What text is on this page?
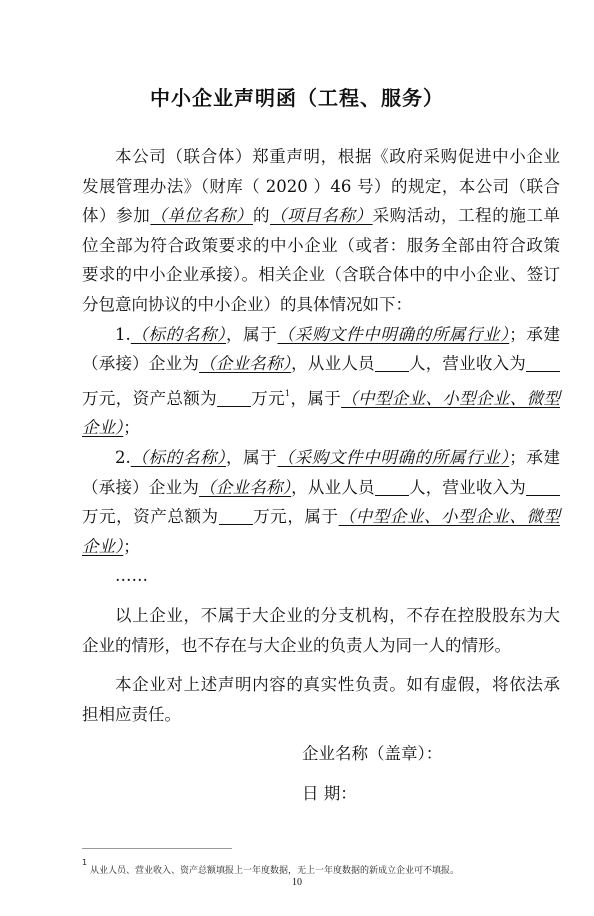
中小企业声明函（工程、服务）

本公司（联合体）郑重声明，根据《政府采购促进中小企业发展管理办法》（财库（ 2020 ）46 号）的规定，本公司（联合体）参加（单位名称）的（项目名称）采购活动，工程的施工单位全部为符合政策要求的中小企业（或者：服务全部由符合政策要求的中小企业承接）。相关企业（含联合体中的中小企业、签订分包意向协议的中小企业）的具体情况如下：

1.（标的名称），属于（采购文件中明确的所属行业）；承建（承接）企业为（企业名称），从业人员 人，营业收入为万元，资产总额为 万元$^1$，属于（中型企业、小型企业、微型企业）；

2.（标的名称），属于（采购文件中明确的所属行业）；承建（承接）企业为（企业名称），从业人员 人，营业收入为万元，资产总额为 万元，属于（中型企业、小型企业、微型企业）；

……

以上企业，不属于大企业的分支机构，不存在控股股东为大企业的情形，也不存在与大企业的负责人为同一人的情形。

本企业对上述声明内容的真实性负责。如有虚假，将依法承担相应责任。

企业名称（盖章）：

日 期：

1 从业人员、营业收入、资产总额填报上一年度数据，无上一年度数据的新成立企业可不填报。
10
